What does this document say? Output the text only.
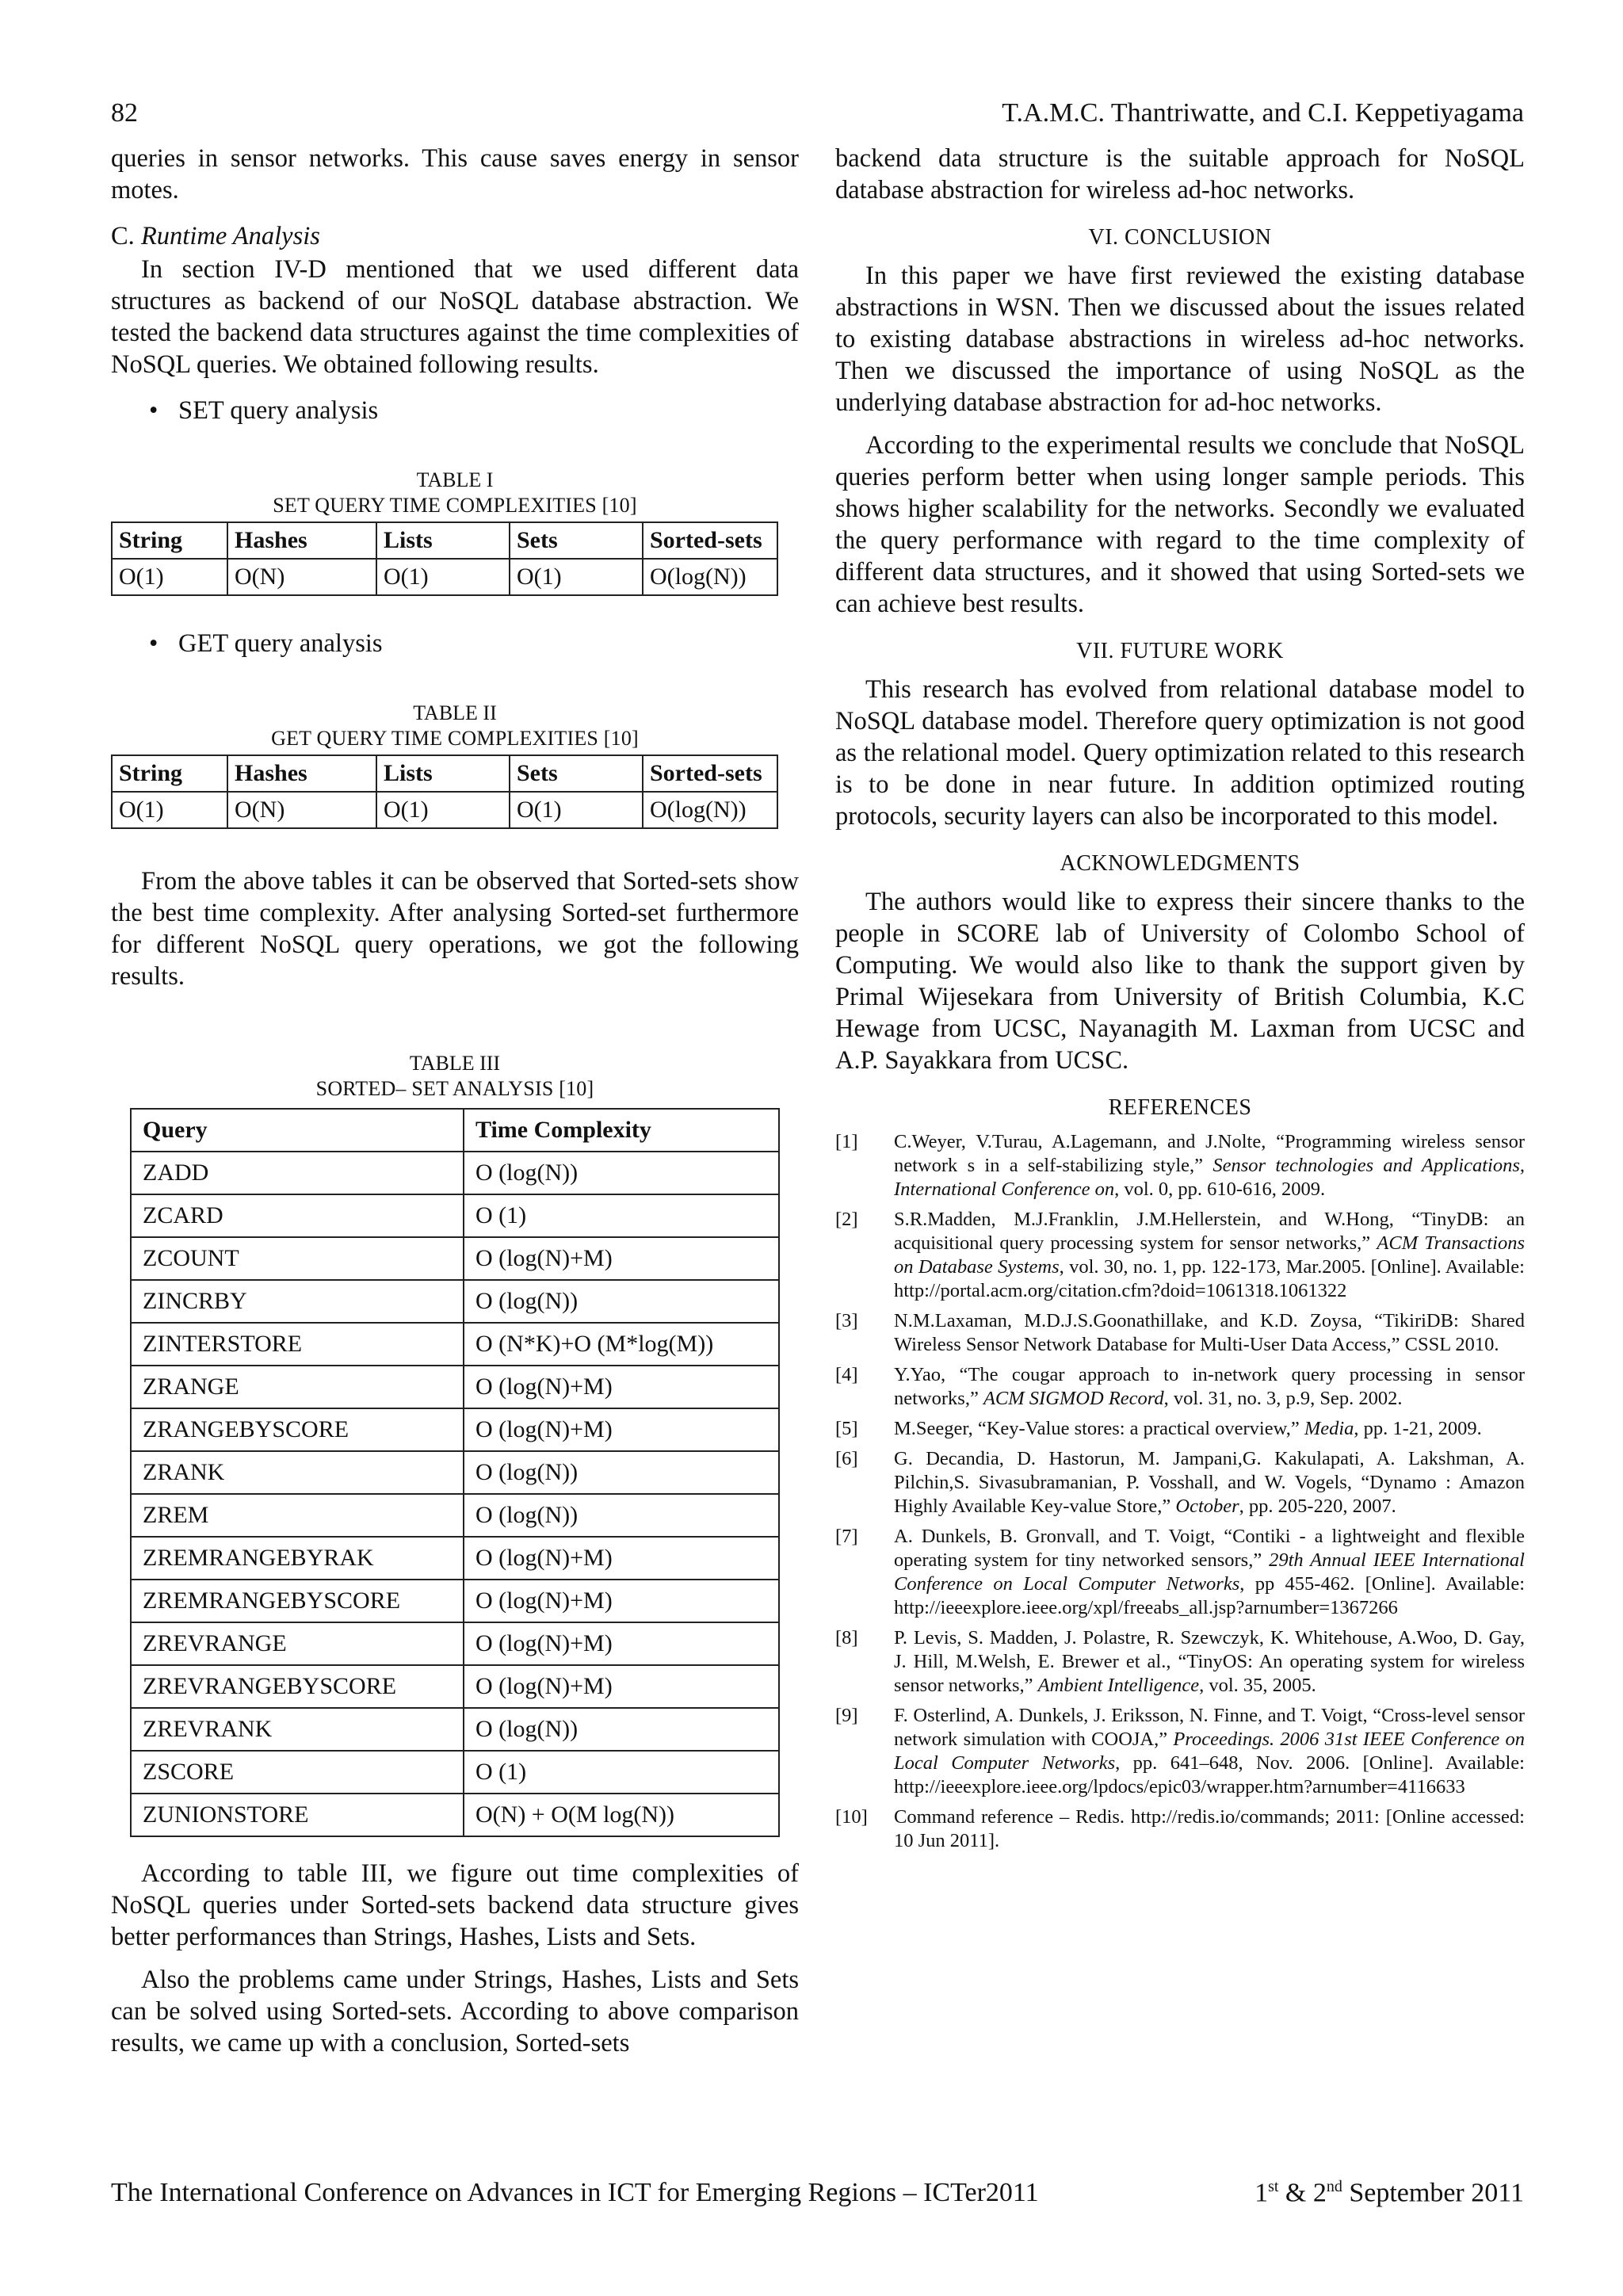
82	T.A.M.C. Thantriwatte, and C.I. Keppetiyagama

queries in sensor networks. This cause saves energy in sensor motes.

C. Runtime Analysis

In section IV-D mentioned that we used different data structures as backend of our NoSQL database abstraction. We tested the backend data structures against the time complexities of NoSQL queries. We obtained following results.

• SET query analysis
TABLE I
SET QUERY TIME COMPLEXITIES [10]
String	Hashes	Lists	Sets	Sorted-sets
O(1)	O(N)	O(1)	O(1)	O(log(N))
• GET query analysis
TABLE II
GET QUERY TIME COMPLEXITIES [10]
String	Hashes	Lists	Sets	Sorted-sets
O(1)	O(N)	O(1)	O(1)	O(log(N))

From the above tables it can be observed that Sorted-sets show the best time complexity. After analysing Sorted-set furthermore for different NoSQL query operations, we got the following results.

TABLE III
SORTED– SET ANALYSIS [10]
Query	Time Complexity
ZADD	O (log(N))
ZCARD	O (1)
ZCOUNT	O (log(N)+M)
ZINCRBY	O (log(N))
ZINTERSTORE	O (N*K)+O (M*log(M))
ZRANGE	O (log(N)+M)
ZRANGEBYSCORE	O (log(N)+M)
ZRANK	O (log(N))
ZREM	O (log(N))
ZREMRANGEBYRAK	O (log(N)+M)
ZREMRANGEBYSCORE	O (log(N)+M)
ZREVRANGE	O (log(N)+M)
ZREVRANGEBYSCORE	O (log(N)+M)
ZREVRANK	O (log(N))
ZSCORE	O (1)
ZUNIONSTORE	O(N) + O(M log(N))

According to table III, we figure out time complexities of NoSQL queries under Sorted-sets backend data structure gives better performances than Strings, Hashes, Lists and Sets.

Also the problems came under Strings, Hashes, Lists and Sets can be solved using Sorted-sets. According to above comparison results, we came up with a conclusion, Sorted-sets

backend data structure is the suitable approach for NoSQL database abstraction for wireless ad-hoc networks.

VI. CONCLUSION

In this paper we have first reviewed the existing database abstractions in WSN. Then we discussed about the issues related to existing database abstractions in wireless ad-hoc networks. Then we discussed the importance of using NoSQL as the underlying database abstraction for ad-hoc networks.

According to the experimental results we conclude that NoSQL queries perform better when using longer sample periods. This shows higher scalability for the networks. Secondly we evaluated the query performance with regard to the time complexity of different data structures, and it showed that using Sorted-sets we can achieve best results.

VII. FUTURE WORK

This research has evolved from relational database model to NoSQL database model. Therefore query optimization is not good as the relational model. Query optimization related to this research is to be done in near future. In addition optimized routing protocols, security layers can also be incorporated to this model.

ACKNOWLEDGMENTS

The authors would like to express their sincere thanks to the people in SCORE lab of University of Colombo School of Computing. We would also like to thank the support given by Primal Wijesekara from University of British Columbia, K.C Hewage from UCSC, Nayanagith M. Laxman from UCSC and A.P. Sayakkara from UCSC.

REFERENCES
[1] C.Weyer, V.Turau, A.Lagemann, and J.Nolte, “Programming wireless sensor network s in a self-stabilizing style,” Sensor technologies and Applications, International Conference on, vol. 0, pp. 610-616, 2009.
[2] S.R.Madden, M.J.Franklin, J.M.Hellerstein, and W.Hong, “TinyDB: an acquisitional query processing system for sensor networks,” ACM Transactions on Database Systems, vol. 30, no. 1, pp. 122-173, Mar.2005. [Online]. Available: http://portal.acm.org/citation.cfm?doid=1061318.1061322
[3] N.M.Laxaman, M.D.J.S.Goonathillake, and K.D. Zoysa, “TikiriDB: Shared Wireless Sensor Network Database for Multi-User Data Access,” CSSL 2010.
[4] Y.Yao, “The cougar approach to in-network query processing in sensor networks,” ACM SIGMOD Record, vol. 31, no. 3, p.9, Sep. 2002.
[5] M.Seeger, “Key-Value stores: a practical overview,” Media, pp. 1-21, 2009.
[6] G. Decandia, D. Hastorun, M. Jampani,G. Kakulapati, A. Lakshman, A. Pilchin,S. Sivasubramanian, P. Vosshall, and W. Vogels, “Dynamo : Amazon Highly Available Key-value Store,” October, pp. 205-220, 2007.
[7] A. Dunkels, B. Gronvall, and T. Voigt, “Contiki - a lightweight and flexible operating system for tiny networked sensors,” 29th Annual IEEE International Conference on Local Computer Networks, pp 455-462. [Online]. Available: http://ieeexplore.ieee.org/xpl/freeabs_all.jsp?arnumber=1367266
[8] P. Levis, S. Madden, J. Polastre, R. Szewczyk, K. Whitehouse, A.Woo, D. Gay, J. Hill, M.Welsh, E. Brewer et al., “TinyOS: An operating system for wireless sensor networks,” Ambient Intelligence, vol. 35, 2005.
[9] F. Osterlind, A. Dunkels, J. Eriksson, N. Finne, and T. Voigt, “Cross-level sensor network simulation with COOJA,” Proceedings. 2006 31st IEEE Conference on Local Computer Networks, pp. 641–648, Nov. 2006. [Online]. Available: http://ieeexplore.ieee.org/lpdocs/epic03/wrapper.htm?arnumber=4116633
[10] Command reference – Redis. http://redis.io/commands; 2011: [Online accessed: 10 Jun 2011].
The International Conference on Advances in ICT for Emerging Regions – ICTer2011	1st & 2nd September 2011
